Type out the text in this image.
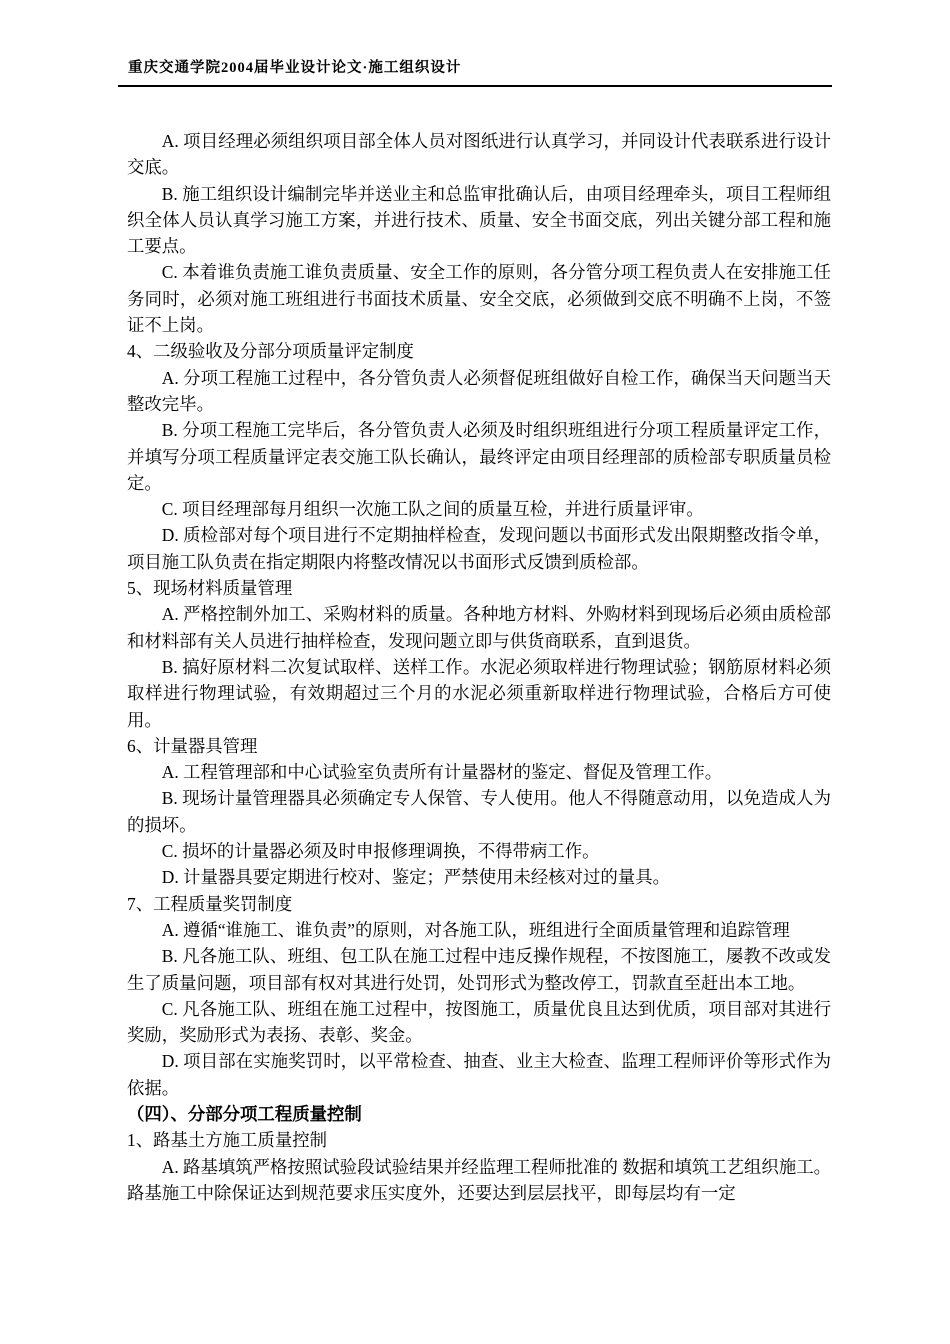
重庆交通学院2004届毕业设计论文·施工组织设计

A. 项目经理必须组织项目部全体人员对图纸进行认真学习，并同设计代表联系进行设计交底。

B. 施工组织设计编制完毕并送业主和总监审批确认后，由项目经理牵头，项目工程师组织全体人员认真学习施工方案，并进行技术、质量、安全书面交底，列出关键分部工程和施工要点。

C. 本着谁负责施工谁负责质量、安全工作的原则，各分管分项工程负责人在安排施工任务同时，必须对施工班组进行书面技术质量、安全交底，必须做到交底不明确不上岗，不签证不上岗。

4、二级验收及分部分项质量评定制度

A. 分项工程施工过程中，各分管负责人必须督促班组做好自检工作，确保当天问题当天整改完毕。

B. 分项工程施工完毕后，各分管负责人必须及时组织班组进行分项工程质量评定工作，并填写分项工程质量评定表交施工队长确认，最终评定由项目经理部的质检部专职质量员检定。

C. 项目经理部每月组织一次施工队之间的质量互检，并进行质量评审。

D. 质检部对每个项目进行不定期抽样检查，发现问题以书面形式发出限期整改指令单，项目施工队负责在指定期限内将整改情况以书面形式反馈到质检部。

5、现场材料质量管理

A. 严格控制外加工、采购材料的质量。各种地方材料、外购材料到现场后必须由质检部和材料部有关人员进行抽样检查，发现问题立即与供货商联系，直到退货。

B. 搞好原材料二次复试取样、送样工作。水泥必须取样进行物理试验；钢筋原材料必须取样进行物理试验，有效期超过三个月的水泥必须重新取样进行物理试验，合格后方可使用。

6、计量器具管理

A. 工程管理部和中心试验室负责所有计量器材的鉴定、督促及管理工作。

B. 现场计量管理器具必须确定专人保管、专人使用。他人不得随意动用，以免造成人为的损坏。

C. 损坏的计量器必须及时申报修理调换，不得带病工作。

D. 计量器具要定期进行校对、鉴定；严禁使用未经核对过的量具。

7、工程质量奖罚制度

A. 遵循“谁施工、谁负责”的原则，对各施工队，班组进行全面质量管理和追踪管理

B. 凡各施工队、班组、包工队在施工过程中违反操作规程，不按图施工，屡教不改或发生了质量问题，项目部有权对其进行处罚，处罚形式为整改停工，罚款直至赶出本工地。

C. 凡各施工队、班组在施工过程中，按图施工，质量优良且达到优质，项目部对其进行奖励，奖励形式为表扬、表彰、奖金。

D. 项目部在实施奖罚时，以平常检查、抽查、业主大检查、监理工程师评价等形式作为依据。

（四）、分部分项工程质量控制

1、路基土方施工质量控制

A. 路基填筑严格按照试验段试验结果并经监理工程师批准的 数据和填筑工艺组织施工。路基施工中除保证达到规范要求压实度外，还要达到层层找平，即每层均有一定
